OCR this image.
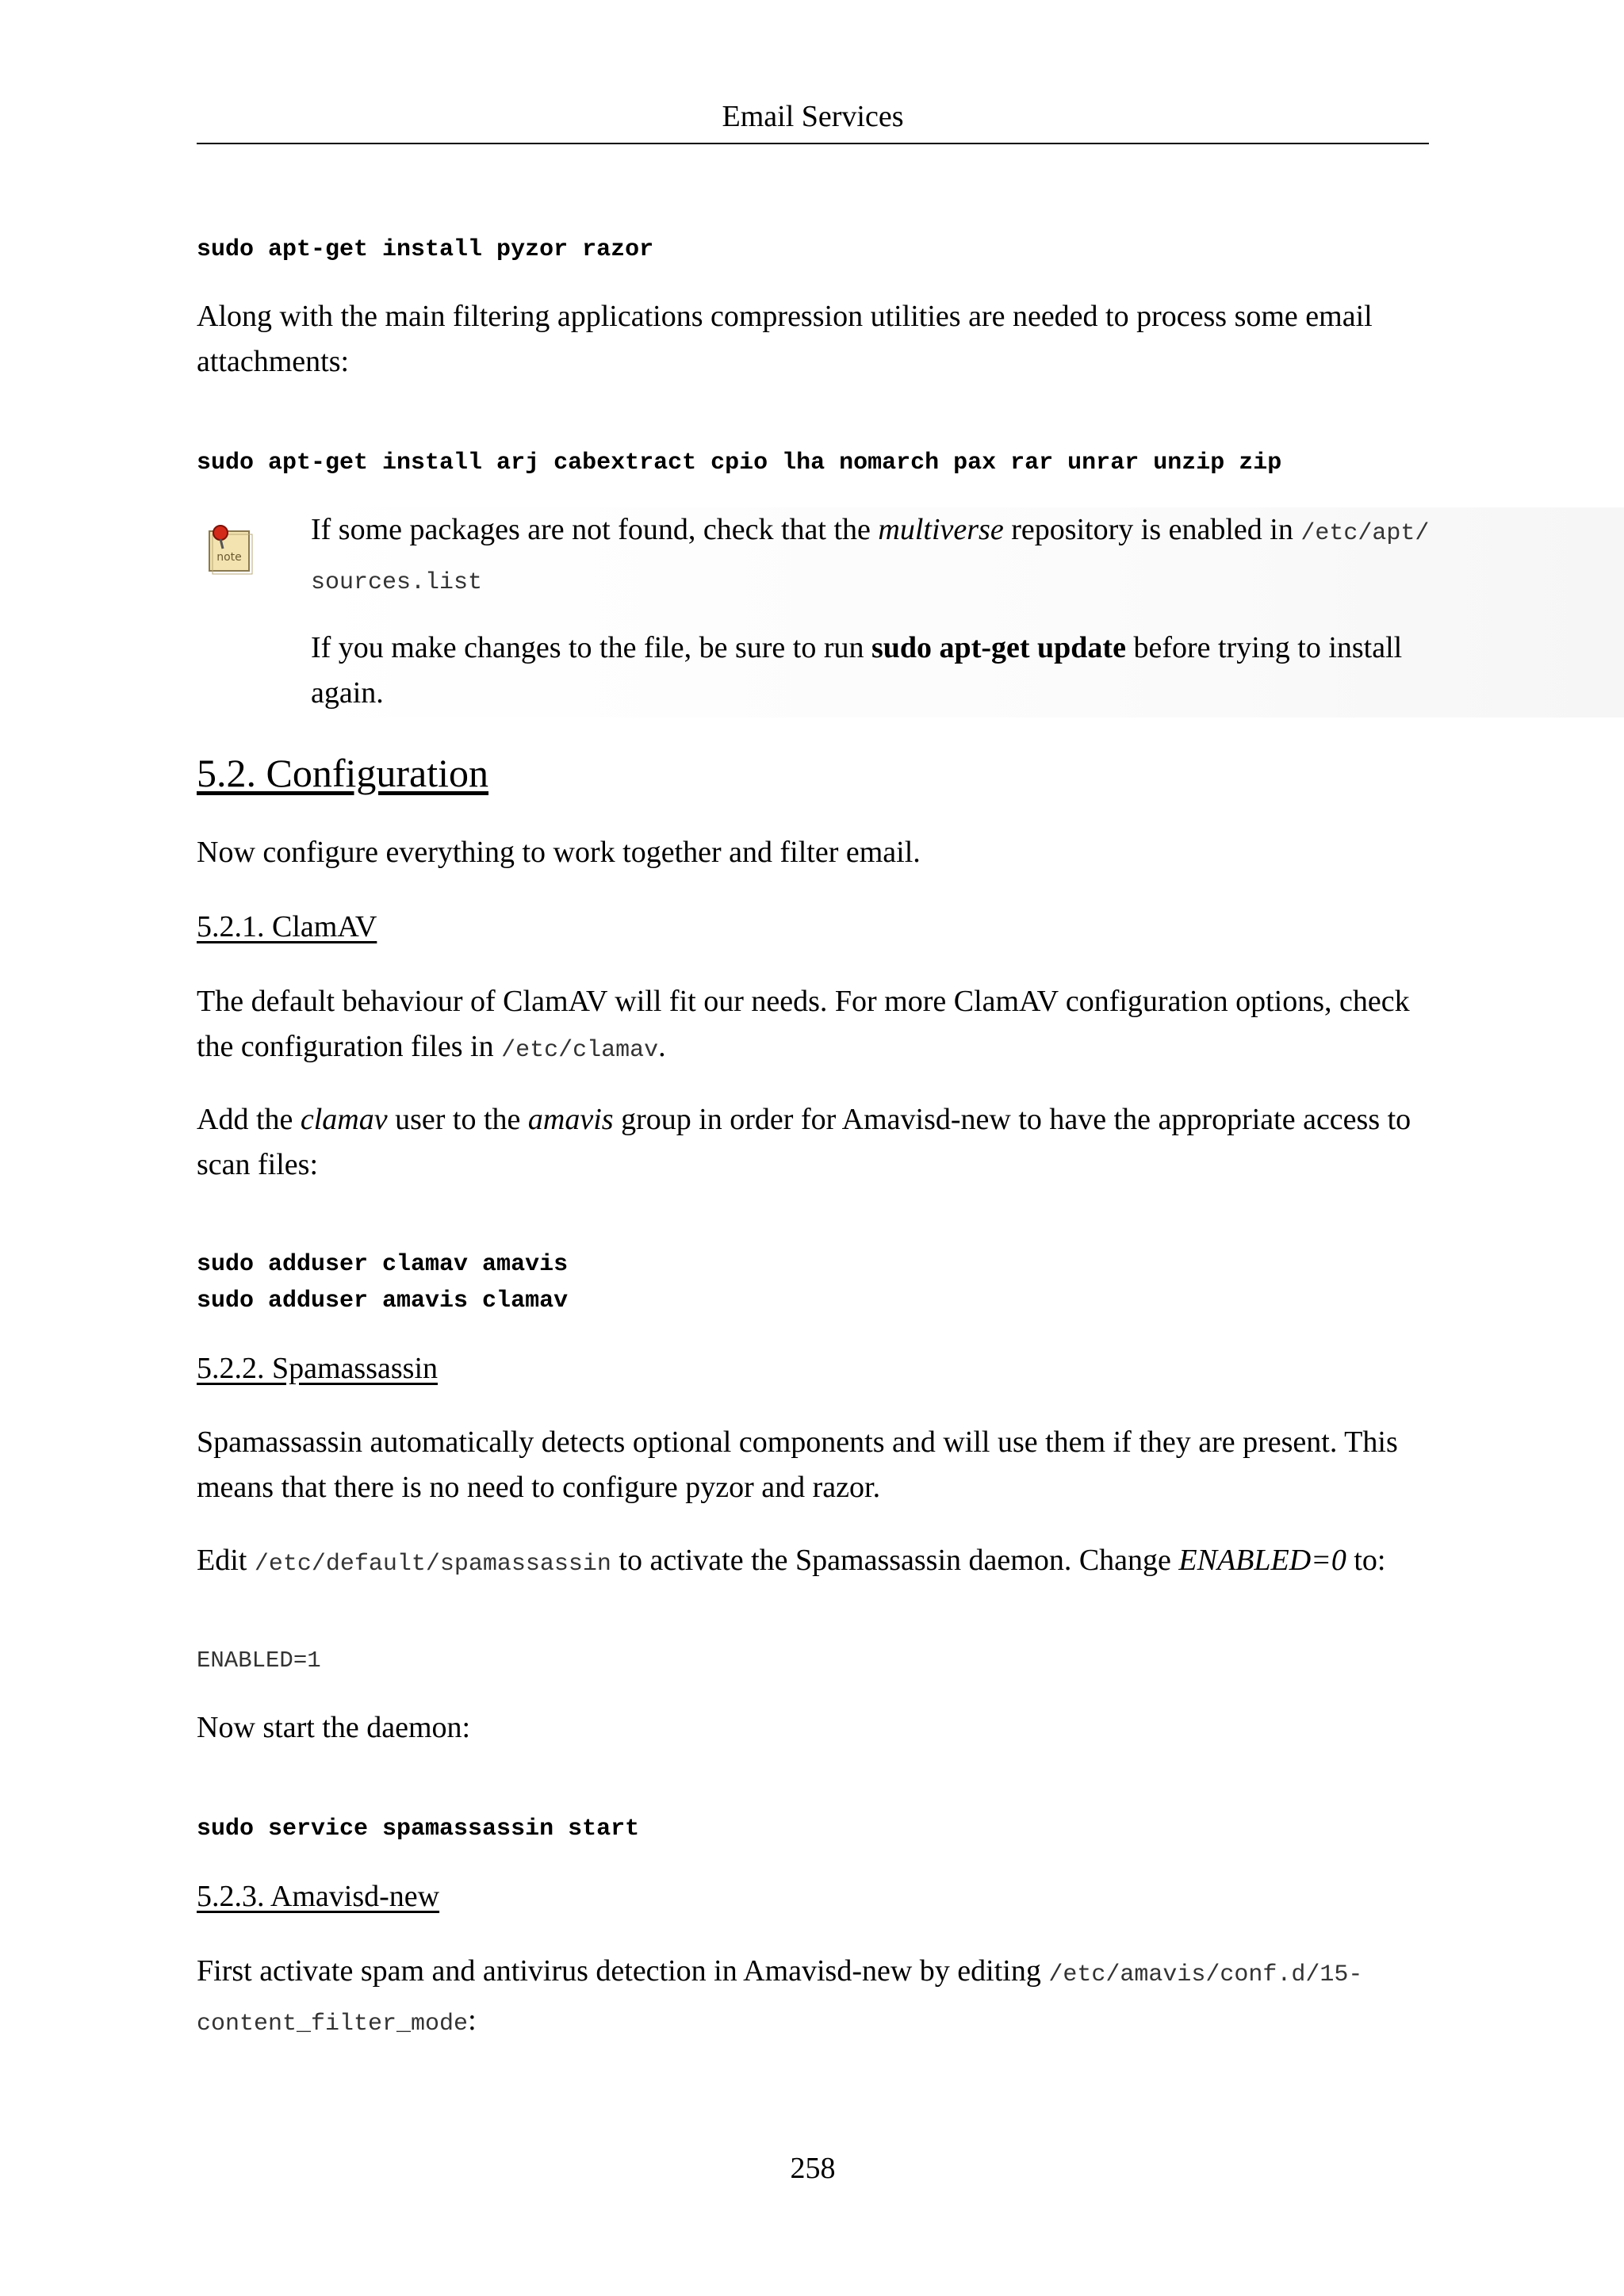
Email Services
sudo apt-get install pyzor razor
Along with the main filtering applications compression utilities are needed to process some email attachments:
sudo apt-get install arj cabextract cpio lha nomarch pax rar unrar unzip zip
note
If some packages are not found, check that the multiverse repository is enabled in /etc/apt/
sources.list
If you make changes to the file, be sure to run sudo apt-get update before trying to install again.
5.2. Configuration
Now configure everything to work together and filter email.
5.2.1. ClamAV
The default behaviour of ClamAV will fit our needs. For more ClamAV configuration options, check the configuration files in /etc/clamav.
Add the clamav user to the amavis group in order for Amavisd-new to have the appropriate access to scan files:
sudo adduser clamav amavis
sudo adduser amavis clamav
5.2.2. Spamassassin
Spamassassin automatically detects optional components and will use them if they are present. This means that there is no need to configure pyzor and razor.
Edit /etc/default/spamassassin to activate the Spamassassin daemon. Change ENABLED=0 to:
ENABLED=1
Now start the daemon:
sudo service spamassassin start
5.2.3. Amavisd-new
First activate spam and antivirus detection in Amavisd-new by editing /etc/amavis/conf.d/15-
content_filter_mode:
258
